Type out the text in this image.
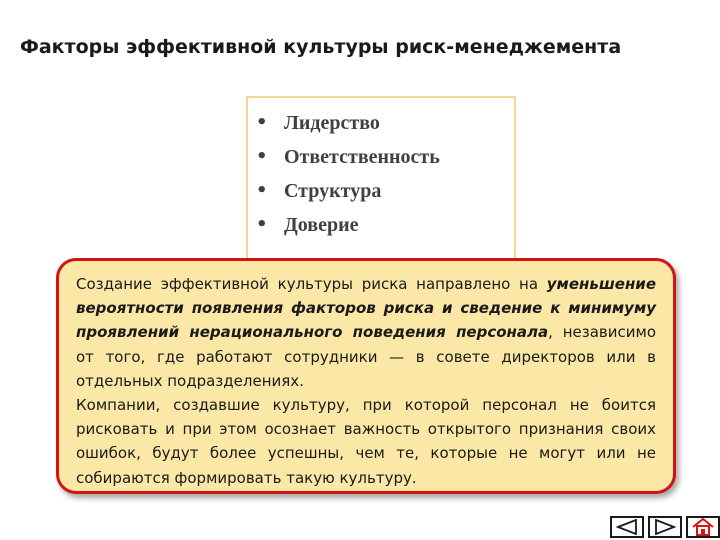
Факторы эффективной культуры риск-менеджемента
• Лидерство
• Ответственность
• Структура
• Доверие

Создание эффективной культуры риска направлено на уменьшение вероятности появления факторов риска и сведение к минимуму проявлений нерационального поведения персонала, независимо от того, где работают сотрудники — в совете директоров или в отдельных подразделениях.

Компании, создавшие культуру, при которой персонал не боится рисковать и при этом осознает важность открытого признания своих ошибок, будут более успешны, чем те, которые не могут или не собираются формировать такую культуру.
